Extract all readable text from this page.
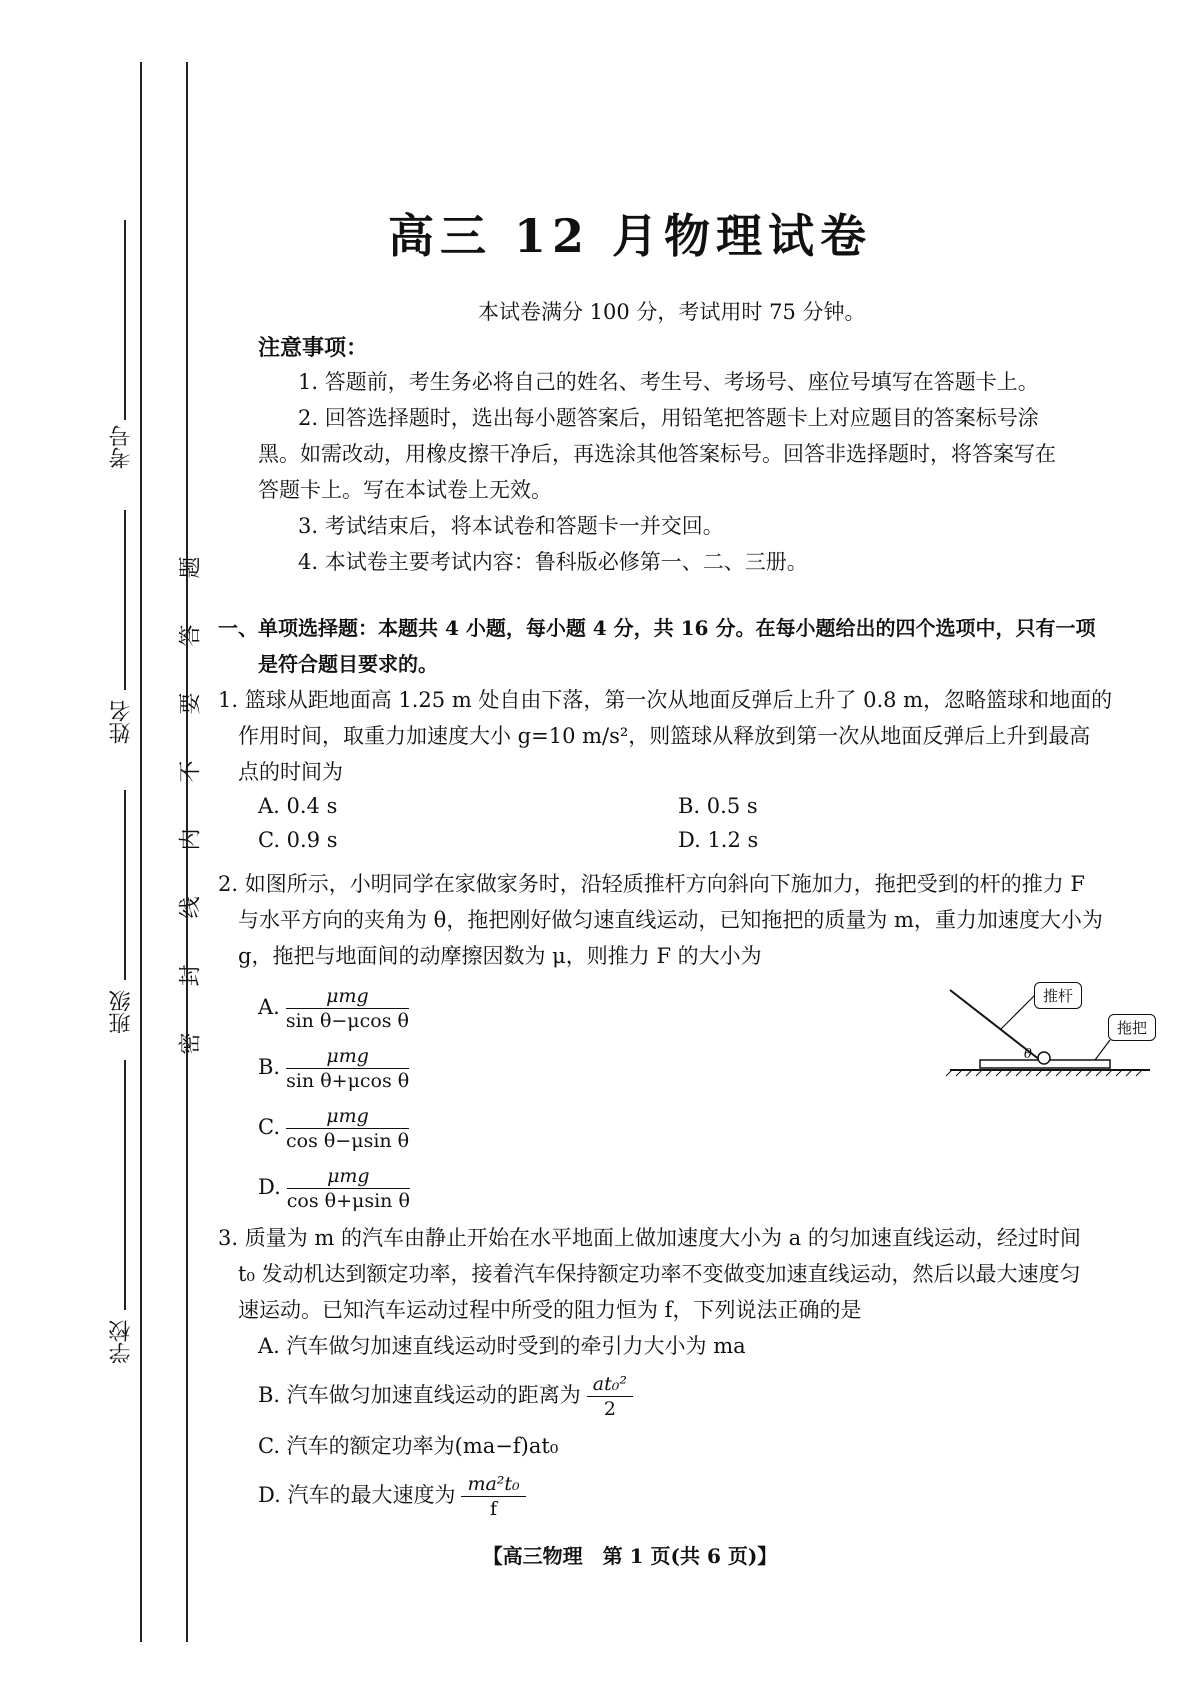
考号
姓名
班级
学校
题
答
要
不
内
线
封
密
高三 12 月物理试卷
本试卷满分 100 分，考试用时 75 分钟。
注意事项：
1. 答题前，考生务必将自己的姓名、考生号、考场号、座位号填写在答题卡上。
2. 回答选择题时，选出每小题答案后，用铅笔把答题卡上对应题目的答案标号涂
黑。如需改动，用橡皮擦干净后，再选涂其他答案标号。回答非选择题时，将答案写在
答题卡上。写在本试卷上无效。
3. 考试结束后，将本试卷和答题卡一并交回。
4. 本试卷主要考试内容：鲁科版必修第一、二、三册。
一、单项选择题：本题共 4 小题，每小题 4 分，共 16 分。在每小题给出的四个选项中，只有一项
是符合题目要求的。
1. 篮球从距地面高 1.25 m 处自由下落，第一次从地面反弹后上升了 0.8 m，忽略篮球和地面的
作用时间，取重力加速度大小 g=10 m/s²，则篮球从释放到第一次从地面反弹后上升到最高
点的时间为
A. 0.4 s	B. 0.5 s
C. 0.9 s	D. 1.2 s
2. 如图所示，小明同学在家做家务时，沿轻质推杆方向斜向下施加力，拖把受到的杆的推力 F
与水平方向的夹角为 θ，拖把刚好做匀速直线运动，已知拖把的质量为 m，重力加速度大小为
g，拖把与地面间的动摩擦因数为 μ，则推力 F 的大小为
A. $\frac{\text{μmg}}{\text{sin θ−μcos θ}}$
B. $\frac{\text{μmg}}{\text{sin θ+μcos θ}}$
C. $\frac{\text{μmg}}{\text{cos θ−μsin θ}}$
D. $\frac{\text{μmg}}{\text{cos θ+μsin θ}}$
θ
推杆
拖把
3. 质量为 m 的汽车由静止开始在水平地面上做加速度大小为 a 的匀加速直线运动，经过时间
t₀ 发动机达到额定功率，接着汽车保持额定功率不变做变加速直线运动，然后以最大速度匀
速运动。已知汽车运动过程中所受的阻力恒为 f，下列说法正确的是
A. 汽车做匀加速直线运动时受到的牵引力大小为 ma
B. 汽车做匀加速直线运动的距离为 $\frac{\text{at₀²}}{2}$
C. 汽车的额定功率为(ma−f)at₀
D. 汽车的最大速度为 $\frac{\text{ma²t₀}}{f}$
【高三物理　第 1 页(共 6 页)】
